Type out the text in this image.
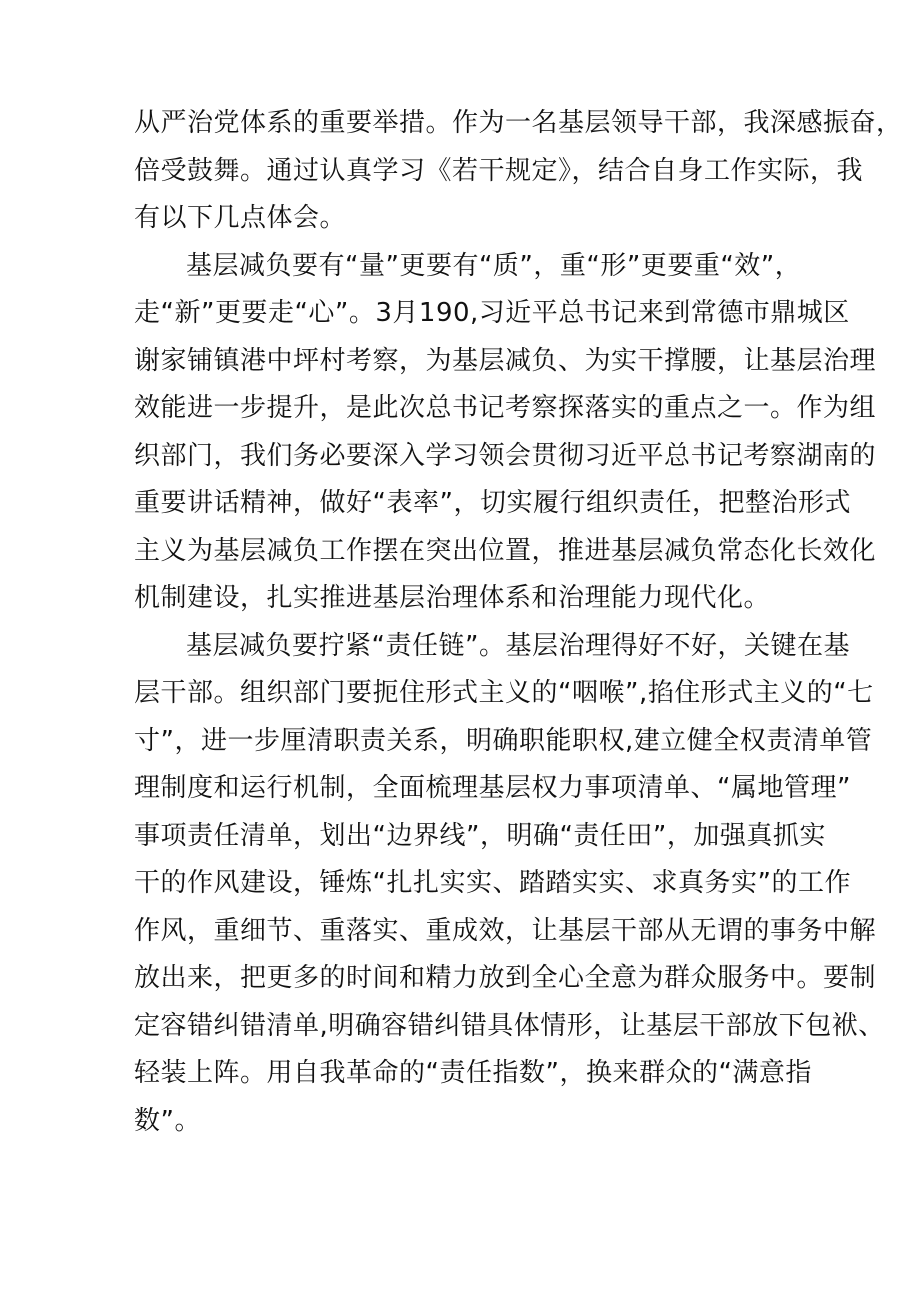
从严治党体系的重要举措。作为一名基层领导干部，我深感振奋，
倍受鼓舞。通过认真学习《若干规定》，结合自身工作实际，我
有以下几点体会。
基层减负要有“量”更要有“质”，重“形”更要重“效”，
走“新”更要走“心”。3月190,习近平总书记来到常德市鼎城区
谢家铺镇港中坪村考察，为基层减负、为实干撑腰，让基层治理
效能进一步提升，是此次总书记考察探落实的重点之一。作为组
织部门，我们务必要深入学习领会贯彻习近平总书记考察湖南的
重要讲话精神，做好“表率”，切实履行组织责任，把整治形式
主义为基层减负工作摆在突出位置，推进基层减负常态化长效化
机制建设，扎实推进基层治理体系和治理能力现代化。
基层减负要拧紧“责任链”。基层治理得好不好，关键在基
层干部。组织部门要扼住形式主义的“咽喉”,掐住形式主义的“七
寸”，进一步厘清职责关系，明确职能职权,建立健全权责清单管
理制度和运行机制，全面梳理基层权力事项清单、“属地管理”
事项责任清单，划出“边界线”，明确“责任田”，加强真抓实
干的作风建设，锤炼“扎扎实实、踏踏实实、求真务实”的工作
作风，重细节、重落实、重成效，让基层干部从无谓的事务中解
放出来，把更多的时间和精力放到全心全意为群众服务中。要制
定容错纠错清单,明确容错纠错具体情形，让基层干部放下包袱、
轻装上阵。用自我革命的“责任指数”，换来群众的“满意指
数”。
